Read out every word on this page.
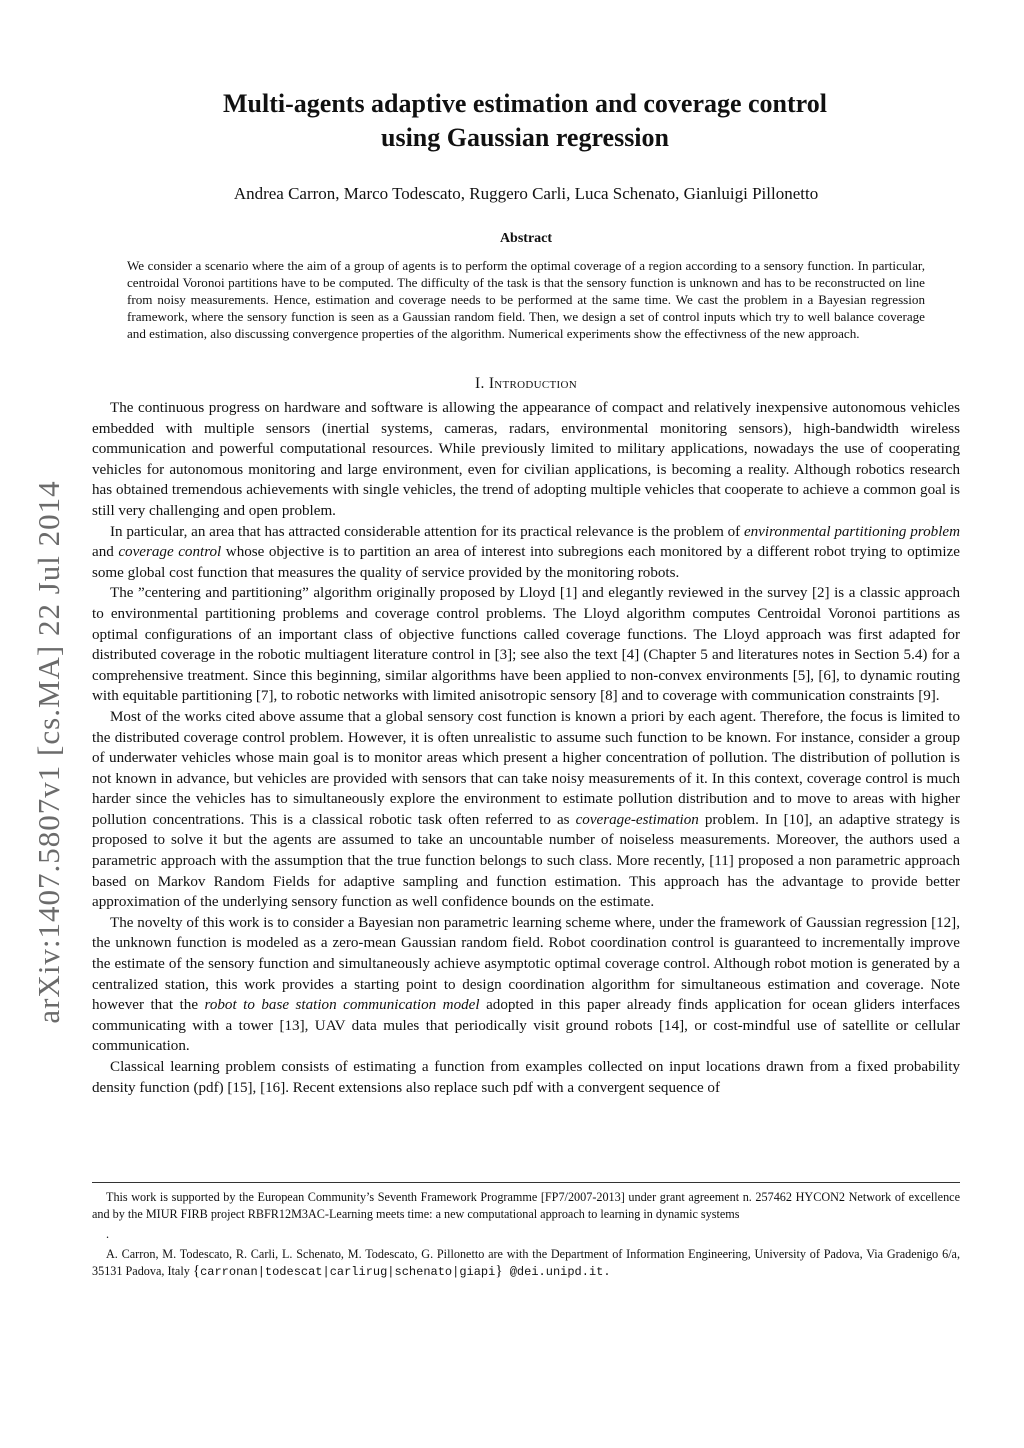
arXiv:1407.5807v1 [cs.MA] 22 Jul 2014
Multi-agents adaptive estimation and coverage control
using Gaussian regression
Andrea Carron, Marco Todescato, Ruggero Carli, Luca Schenato, Gianluigi Pillonetto
Abstract

We consider a scenario where the aim of a group of agents is to perform the optimal coverage of a region according to a sensory function. In particular, centroidal Voronoi partitions have to be computed. The difficulty of the task is that the sensory function is unknown and has to be reconstructed on line from noisy measurements. Hence, estimation and coverage needs to be performed at the same time. We cast the problem in a Bayesian regression framework, where the sensory function is seen as a Gaussian random field. Then, we design a set of control inputs which try to well balance coverage and estimation, also discussing convergence properties of the algorithm. Numerical experiments show the effectivness of the new approach.

I. Introduction

The continuous progress on hardware and software is allowing the appearance of compact and relatively inexpensive autonomous vehicles embedded with multiple sensors (inertial systems, cameras, radars, environmental monitoring sensors), high-bandwidth wireless communication and powerful computational resources. While previously limited to military applications, nowadays the use of cooperating vehicles for autonomous monitoring and large environment, even for civilian applications, is becoming a reality. Although robotics research has obtained tremendous achievements with single vehicles, the trend of adopting multiple vehicles that cooperate to achieve a common goal is still very challenging and open problem.

In particular, an area that has attracted considerable attention for its practical relevance is the problem of environmental partitioning problem and coverage control whose objective is to partition an area of interest into subregions each monitored by a different robot trying to optimize some global cost function that measures the quality of service provided by the monitoring robots.

The ”centering and partitioning” algorithm originally proposed by Lloyd [1] and elegantly reviewed in the survey [2] is a classic approach to environmental partitioning problems and coverage control problems. The Lloyd algorithm computes Centroidal Voronoi partitions as optimal configurations of an important class of objective functions called coverage functions. The Lloyd approach was first adapted for distributed coverage in the robotic multiagent literature control in [3]; see also the text [4] (Chapter 5 and literatures notes in Section 5.4) for a comprehensive treatment. Since this beginning, similar algorithms have been applied to non-convex environments [5], [6], to dynamic routing with equitable partitioning [7], to robotic networks with limited anisotropic sensory [8] and to coverage with communication constraints [9].

Most of the works cited above assume that a global sensory cost function is known a priori by each agent. Therefore, the focus is limited to the distributed coverage control problem. However, it is often unrealistic to assume such function to be known. For instance, consider a group of underwater vehicles whose main goal is to monitor areas which present a higher concentration of pollution. The distribution of pollution is not known in advance, but vehicles are provided with sensors that can take noisy measurements of it. In this context, coverage control is much harder since the vehicles has to simultaneously explore the environment to estimate pollution distribution and to move to areas with higher pollution concentrations. This is a classical robotic task often referred to as coverage-estimation problem. In [10], an adaptive strategy is proposed to solve it but the agents are assumed to take an uncountable number of noiseless measurements. Moreover, the authors used a parametric approach with the assumption that the true function belongs to such class. More recently, [11] proposed a non parametric approach based on Markov Random Fields for adaptive sampling and function estimation. This approach has the advantage to provide better approximation of the underlying sensory function as well confidence bounds on the estimate.

The novelty of this work is to consider a Bayesian non parametric learning scheme where, under the framework of Gaussian regression [12], the unknown function is modeled as a zero-mean Gaussian random field. Robot coordination control is guaranteed to incrementally improve the estimate of the sensory function and simultaneously achieve asymptotic optimal coverage control. Although robot motion is generated by a centralized station, this work provides a starting point to design coordination algorithm for simultaneous estimation and coverage. Note however that the robot to base station communication model adopted in this paper already finds application for ocean gliders interfaces communicating with a tower [13], UAV data mules that periodically visit ground robots [14], or cost-mindful use of satellite or cellular communication.

Classical learning problem consists of estimating a function from examples collected on input locations drawn from a fixed probability density function (pdf) [15], [16]. Recent extensions also replace such pdf with a convergent sequence of

This work is supported by the European Community’s Seventh Framework Programme [FP7/2007-2013] under grant agreement n. 257462 HYCON2 Network of excellence and by the MIUR FIRB project RBFR12M3AC-Learning meets time: a new computational approach to learning in dynamic systems

.

A. Carron, M. Todescato, R. Carli, L. Schenato, M. Todescato, G. Pillonetto are with the Department of Information Engineering, University of Padova, Via Gradenigo 6/a, 35131 Padova, Italy {carronan|todescat|carlirug|schenato|giapi} @dei.unipd.it.
